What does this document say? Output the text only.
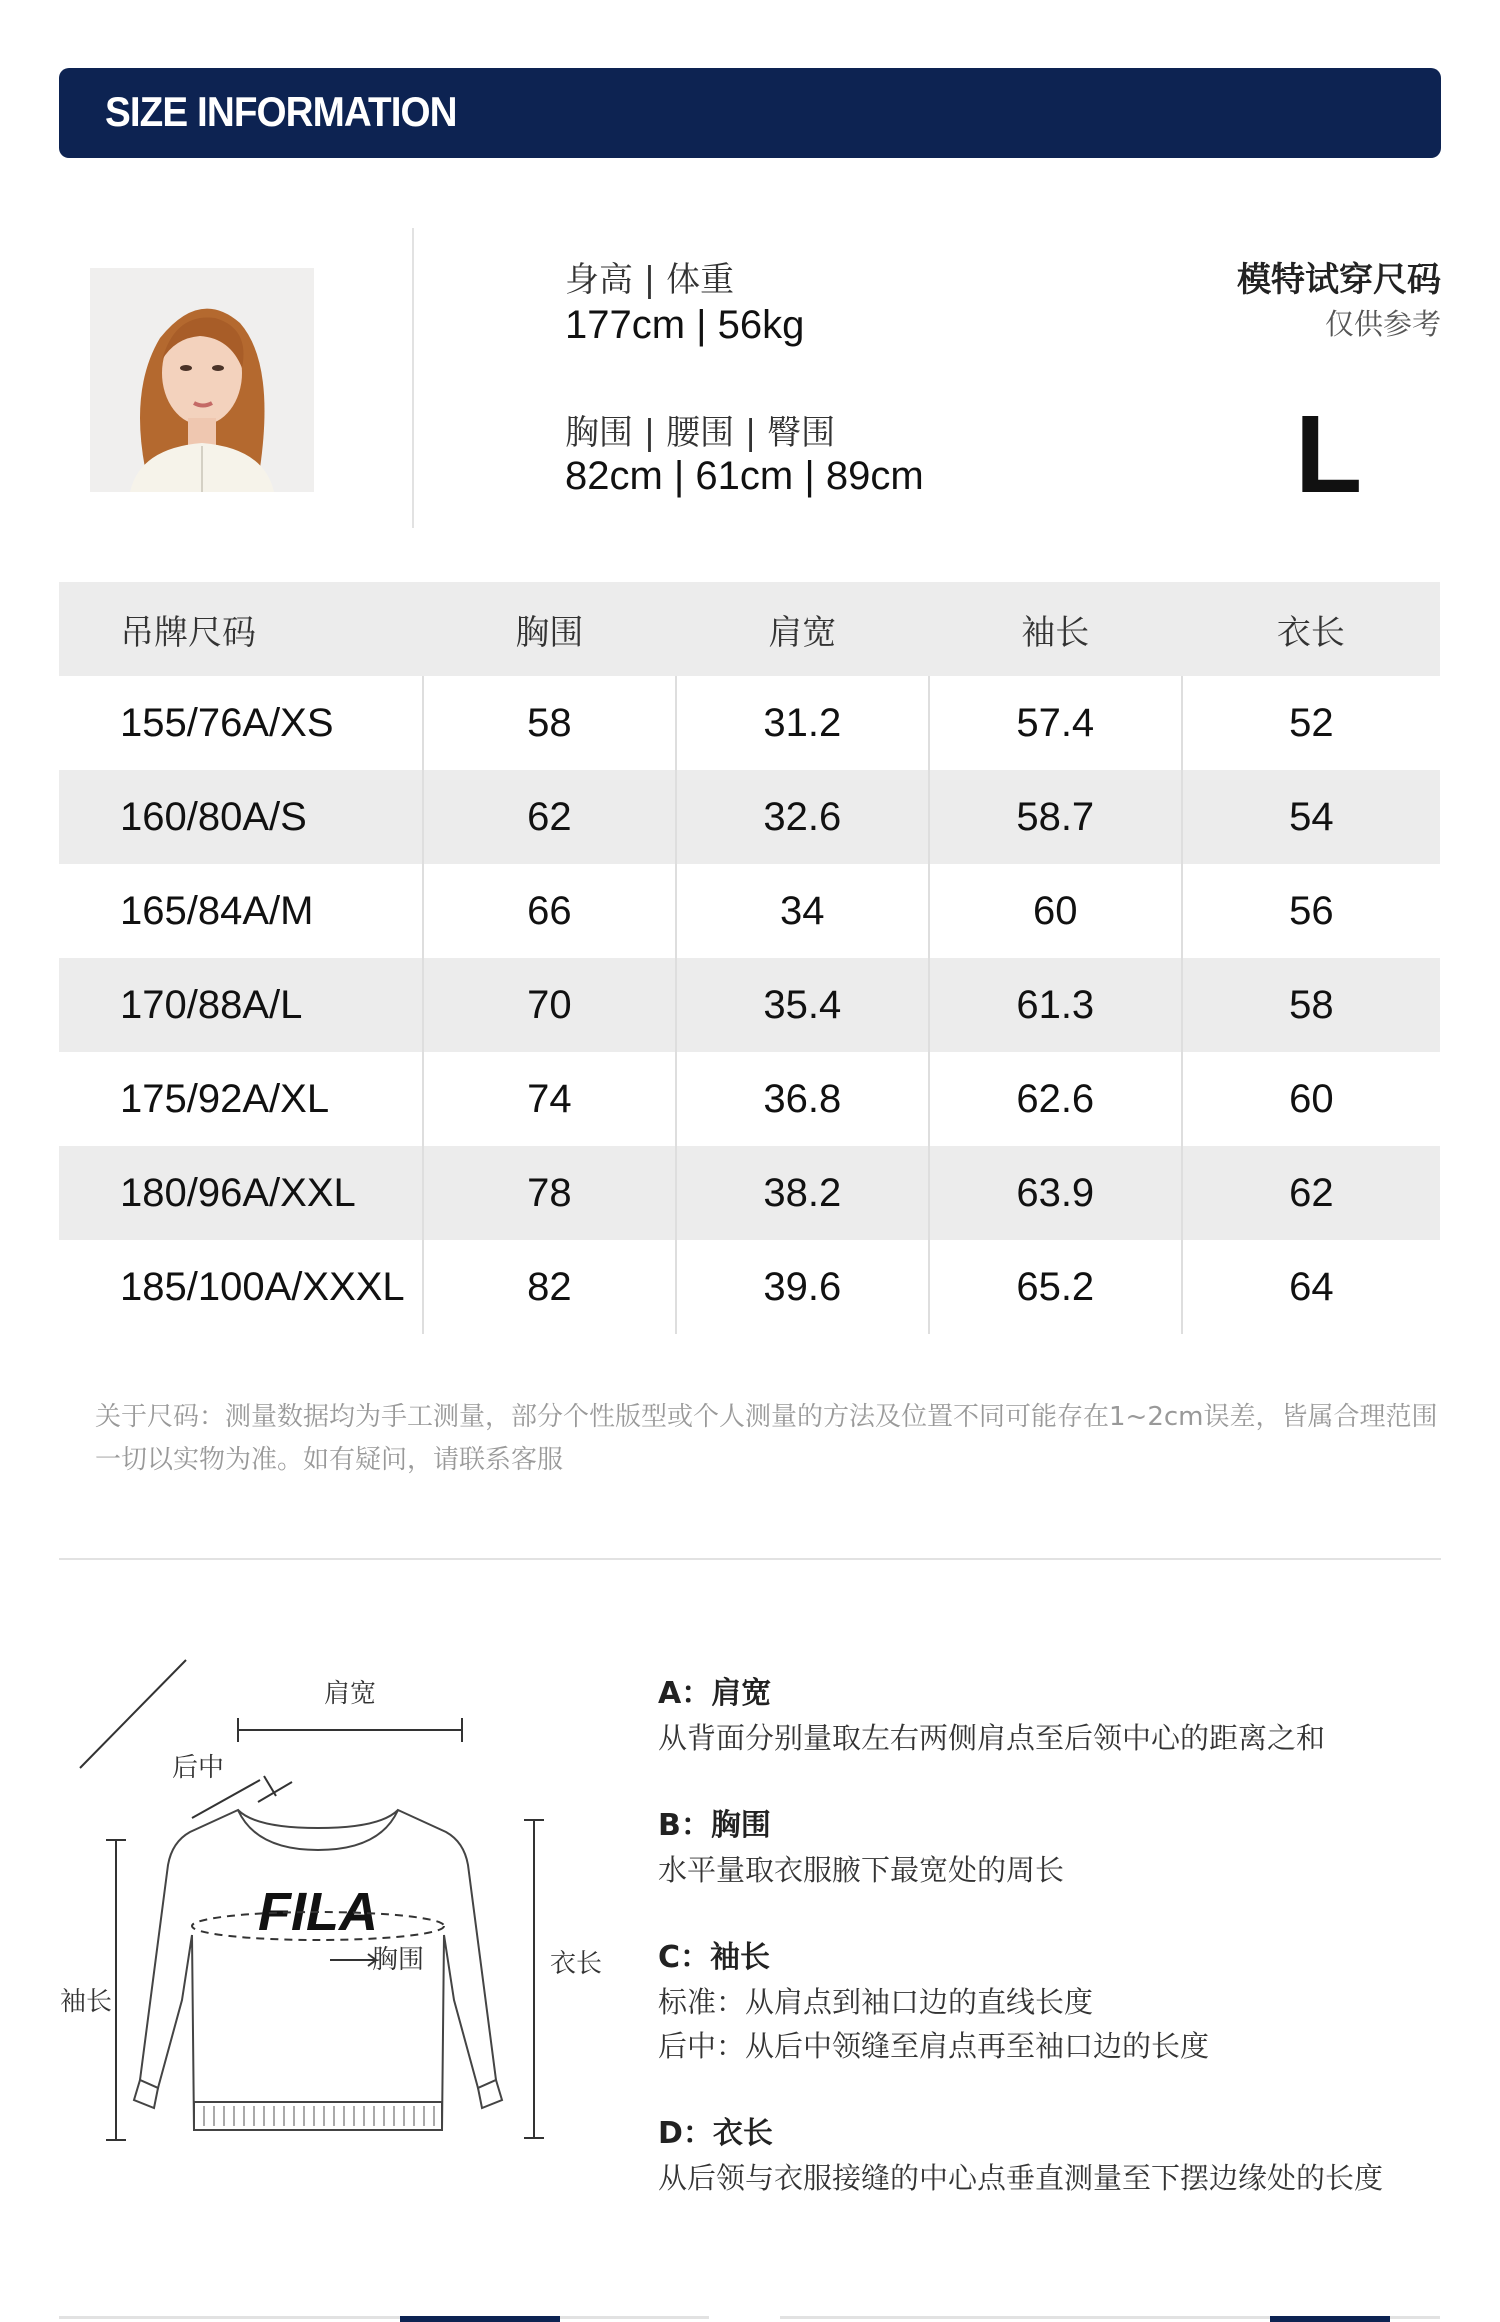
SIZE INFORMATION
身高 | 体重
177cm | 56kg
胸围 | 腰围 | 臀围
82cm | 61cm | 89cm
模特试穿尺码
仅供参考
L
吊牌尺码	胸围	肩宽	袖长	衣长
155/76A/XS	58	31.2	57.4	52
160/80A/S	62	32.6	58.7	54
165/84A/M	66	34	60	56
170/88A/L	70	35.4	61.3	58
175/92A/XL	74	36.8	62.6	60
180/96A/XXL	78	38.2	63.9	62
185/100A/XXXL	82	39.6	65.2	64
关于尺码：测量数据均为手工测量，部分个性版型或个人测量的方法及位置不同可能存在1~2cm误差，皆属合理范围一切以实物为准。如有疑问，请联系客服
FILA
胸围
肩宽
后中
袖长
衣长
A：肩宽
从背面分别量取左右两侧肩点至后领中心的距离之和
B：胸围
水平量取衣服腋下最宽处的周长
C：袖长
标准：从肩点到袖口边的直线长度
后中：从后中领缝至肩点再至袖口边的长度
D：衣长
从后领与衣服接缝的中心点垂直测量至下摆边缘处的长度
